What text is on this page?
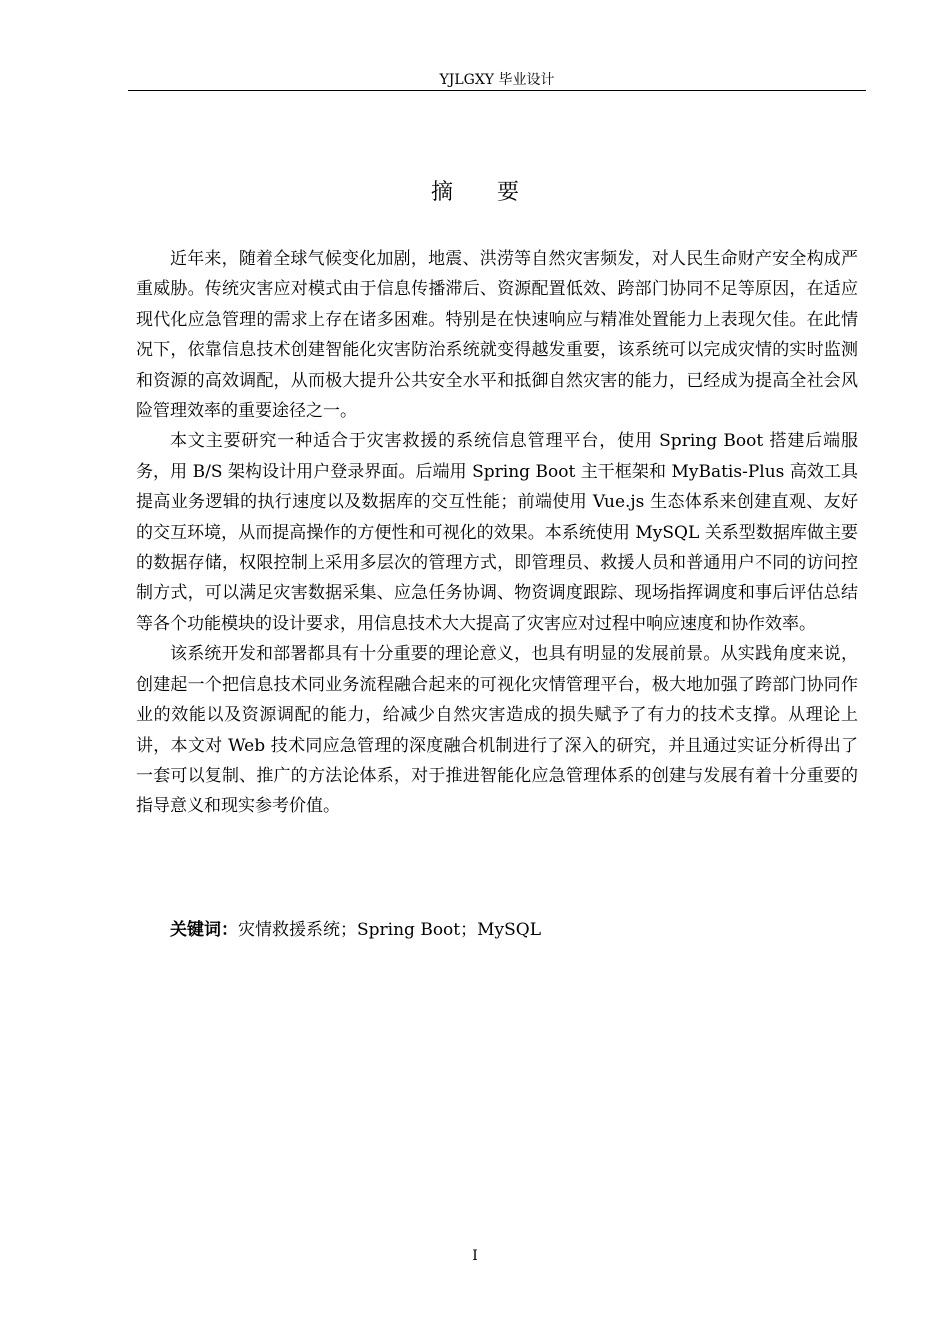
YJLGXY 毕业设计
摘　　要

近年来，随着全球气候变化加剧，地震、洪涝等自然灾害频发，对人民生命财产安全构成严重威胁。传统灾害应对模式由于信息传播滞后、资源配置低效、跨部门协同不足等原因，在适应现代化应急管理的需求上存在诸多困难。特别是在快速响应与精准处置能力上表现欠佳。在此情况下，依靠信息技术创建智能化灾害防治系统就变得越发重要，该系统可以完成灾情的实时监测和资源的高效调配，从而极大提升公共安全水平和抵御自然灾害的能力，已经成为提高全社会风险管理效率的重要途径之一。

本文主要研究一种适合于灾害救援的系统信息管理平台，使用 Spring Boot 搭建后端服务，用 B/S 架构设计用户登录界面。后端用 Spring Boot 主干框架和 MyBatis-Plus 高效工具提高业务逻辑的执行速度以及数据库的交互性能；前端使用 Vue.js 生态体系来创建直观、友好的交互环境，从而提高操作的方便性和可视化的效果。本系统使用 MySQL 关系型数据库做主要的数据存储，权限控制上采用多层次的管理方式，即管理员、救援人员和普通用户不同的访问控制方式，可以满足灾害数据采集、应急任务协调、物资调度跟踪、现场指挥调度和事后评估总结等各个功能模块的设计要求，用信息技术大大提高了灾害应对过程中响应速度和协作效率。

该系统开发和部署都具有十分重要的理论意义，也具有明显的发展前景。从实践角度来说，创建起一个把信息技术同业务流程融合起来的可视化灾情管理平台，极大地加强了跨部门协同作业的效能以及资源调配的能力，给减少自然灾害造成的损失赋予了有力的技术支撑。从理论上讲，本文对 Web 技术同应急管理的深度融合机制进行了深入的研究，并且通过实证分析得出了一套可以复制、推广的方法论体系，对于推进智能化应急管理体系的创建与发展有着十分重要的指导意义和现实参考价值。

关键词：灾情救援系统；Spring Boot；MySQL
I
